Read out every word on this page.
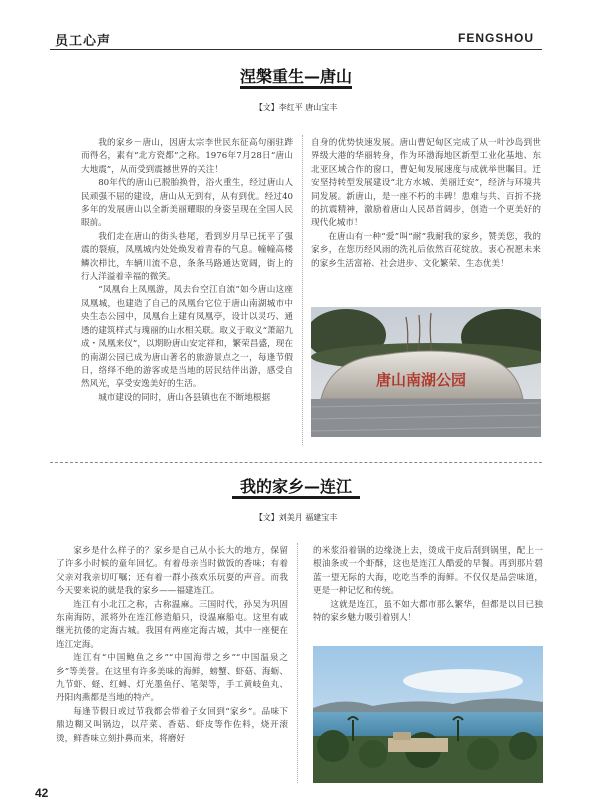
员工心声	FENGSHOU
涅槃重生—唐山
【文】李红平 唐山宝丰

我的家乡－唐山，因唐太宗李世民东征高句丽驻跸而得名，素有“北方瓷都”之称。1976年7月28日“唐山大地震”，从而受到震撼世界的关注！

80年代的唐山已脱胎换骨，浴火重生，经过唐山人民顽强不屈的建设，唐山从无到有，从有到优。经过40多年的发展唐山以全新美丽耀眼的身姿呈现在全国人民眼前。

我们走在唐山的街头巷尾，看到岁月早已抚平了强震的裂痕，凤凰城内处处焕发着青春的气息。幢幢高楼鳞次栉比，车辆川流不息，条条马路通达宽阔，街上的行人洋溢着幸福的微笑。

“凤凰台上凤凰游，凤去台空江自流”如今唐山这座凤凰城，也建造了自己的凤凰台它位于唐山南湖城市中央生态公园中，凤凰台上建有凤凰亭，设计以灵巧、通透的建筑样式与瑰丽的山水相关联。取义于取义“萧韶九成・凤凰来仪”，以期盼唐山安定祥和，繁荣昌盛，现在的南湖公园已成为唐山著名的旅游景点之一，每逢节假日，络绎不绝的游客或是当地的居民结伴出游，感受自然风光，享受安逸美好的生活。

城市建设的同时，唐山各县镇也在不断地根据

自身的优势快速发展。唐山曹妃甸区完成了从一叶沙岛到世界级大港的华丽转身，作为环渤海地区新型工业化基地、东北亚区域合作的窗口，曹妃甸发展速度与成就举世瞩目。迁安坚持转型发展建设“北方水城、美丽迁安”，经济与环境共同发展。新唐山，是一座不朽的丰碑！患难与共、百折不挠的抗震精神，激励着唐山人民昂首阔步，创造一个更美好的现代化城市！

在唐山有一种“爱”叫“耐”我耐我的家乡，赞美您，我的家乡，在您历经风雨的洗礼后依然百花绽放。衷心祝愿未来的家乡生活富裕、社会进步、文化繁荣、生态优美！

唐山南湖公园
我的家乡—连江
【文】刘美月 福建宝丰

家乡是什么样子的？家乡是自己从小长大的地方，保留了许多小时候的童年回忆。有着母亲当时做饭的香味；有着父亲对我亲切叮嘱；还有着一群小孩欢乐玩耍的声音。而我今天要来说的就是我的家乡——福建连江。

连江有小北江之称，古称温麻。三国时代，孙吴为巩固东南海防，派将外在连江修造船只，设温麻船屯。这里有戚继光抗倭的定海古城。我国有两座定海古城，其中一座便在连江定海。

连江有“中国鲍鱼之乡”“中国海带之乡”“中国温泉之乡”等美誉。在这里有许多美味的海鲜，螃蟹、虾菇、海蛎、九节虾、蛏、红蟳、灯光墨鱼仔、笔架等，手工黄岐鱼丸、丹阳肉燕都是当地的特产。

每逢节假日或过节我都会带着子女回到“家乡”。品味下鼎边糊又叫锅边，以芹菜、香菇、虾皮等作佐料，烧开滚烫，鲜香味立刻扑鼻而来，将磨好

的米浆沿着锅的边缘浇上去，烫成干皮后刮到锅里，配上一根油条或一个虾酥，这也是连江人酷爱的早餐。再到那片碧蓝一望无际的大海，吃吃当季的海鲜。不仅仅是品尝味道，更是一种记忆和传统。

这就是连江，虽不如大都市那么繁华，但都是以目已独特的家乡魅力吸引着别人！

42
